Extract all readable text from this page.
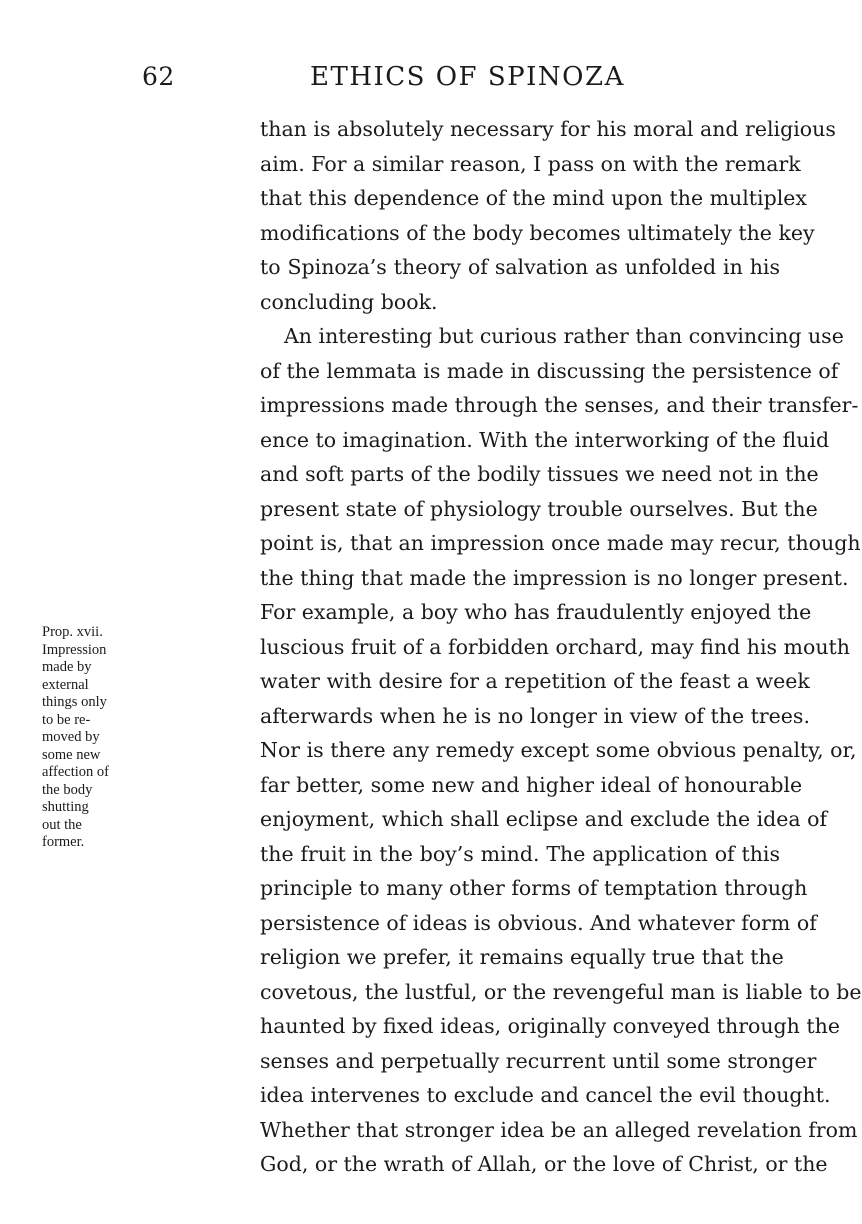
62	ETHICS OF SPINOZA
Prop. xvii.
Impression
made by
external
things only
to be re-
moved by
some new
affection of
the body
shutting
out the
former.
than is absolutely necessary for his moral and religious
aim. For a similar reason, I pass on with the remark
that this dependence of the mind upon the multiplex
modifications of the body becomes ultimately the key
to Spinoza’s theory of salvation as unfolded in his
concluding book.
An interesting but curious rather than convincing use
of the lemmata is made in discussing the persistence of
impressions made through the senses, and their transfer-
ence to imagination. With the interworking of the fluid
and soft parts of the bodily tissues we need not in the
present state of physiology trouble ourselves. But the
point is, that an impression once made may recur, though
the thing that made the impression is no longer present.
For example, a boy who has fraudulently enjoyed the
luscious fruit of a forbidden orchard, may find his mouth
water with desire for a repetition of the feast a week
afterwards when he is no longer in view of the trees.
Nor is there any remedy except some obvious penalty, or,
far better, some new and higher ideal of honourable
enjoyment, which shall eclipse and exclude the idea of
the fruit in the boy’s mind. The application of this
principle to many other forms of temptation through
persistence of ideas is obvious. And whatever form of
religion we prefer, it remains equally true that the
covetous, the lustful, or the revengeful man is liable to be
haunted by fixed ideas, originally conveyed through the
senses and perpetually recurrent until some stronger
idea intervenes to exclude and cancel the evil thought.
Whether that stronger idea be an alleged revelation from
God, or the wrath of Allah, or the love of Christ, or the
